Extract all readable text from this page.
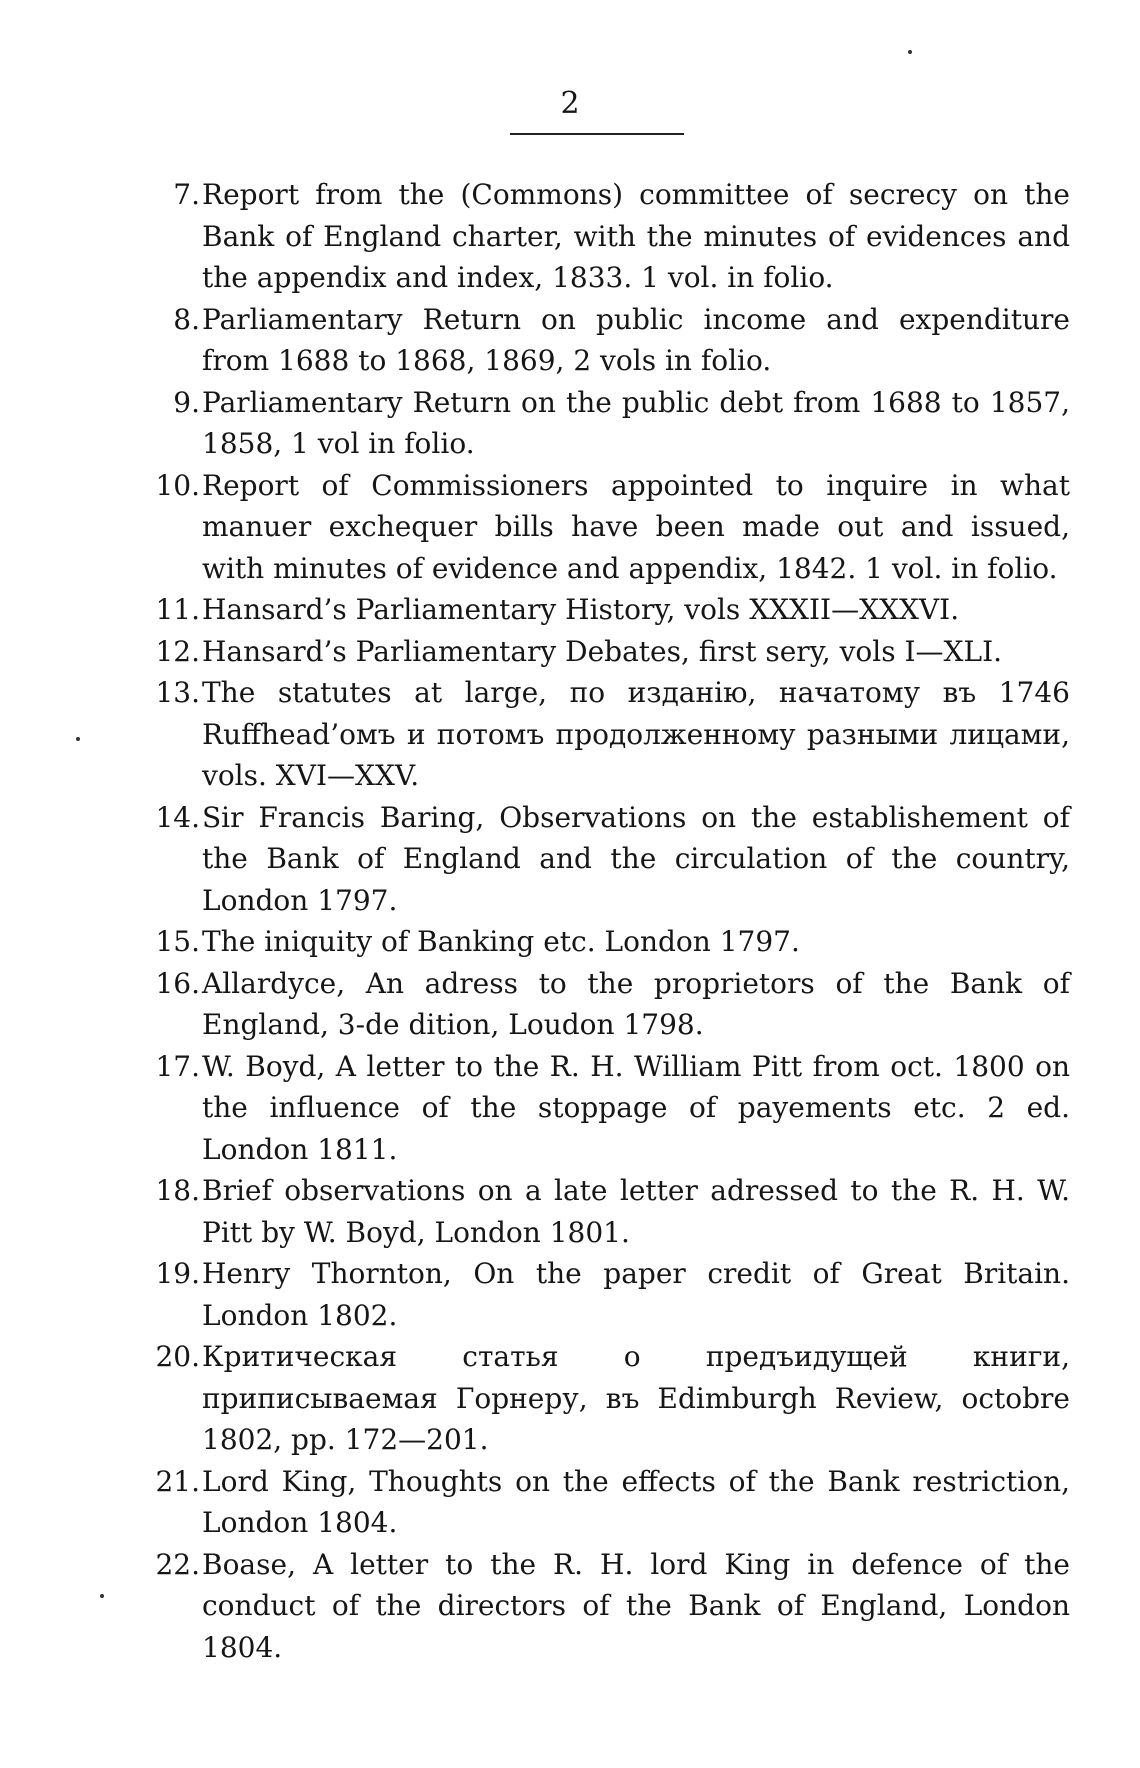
2
7. Report from the (Commons) committee of secrecy on the Bank of England charter, with the minutes of evidences and the appendix and index, 1833. 1 vol. in folio.
8. Parliamentary Return on public income and expenditure from 1688 to 1868, 1869, 2 vols in folio.
9. Parliamentary Return on the public debt from 1688 to 1857, 1858, 1 vol in folio.
10. Report of Commissioners appointed to inquire in what manuer exchequer bills have been made out and issued, with minutes of evidence and appendix, 1842. 1 vol. in folio.
11. Hansard’s Parliamentary History, vols XXXII—XXXVI.
12. Hansard’s Parliamentary Debates, first sery, vols I—XLI.
13. The statutes at large, по изданію, начатому въ 1746 Ruffhead’омъ и потомъ продолженному разными лицами, vols. XVI—XXV.
14. Sir Francis Baring, Observations on the establishement of the Bank of England and the circulation of the country, London 1797.
15. The iniquity of Banking etc. London 1797.
16. Allardyce, An adress to the proprietors of the Bank of England, 3-de dition, Loudon 1798.
17. W. Boyd, A letter to the R. H. William Pitt from oct. 1800 on the influence of the stoppage of payements etc. 2 ed. London 1811.
18. Brief observations on a late letter adressed to the R. H. W. Pitt by W. Boyd, London 1801.
19. Henry Thornton, On the paper credit of Great Britain. London 1802.
20. Критическая статья о предъидущей книги, приписываемая Горнеру, въ Edimburgh Review, octobre 1802, pp. 172—201.
21. Lord King, Thoughts on the effects of the Bank restriction, London 1804.
22. Boase, A letter to the R. H. lord King in defence of the conduct of the directors of the Bank of England, London 1804.
